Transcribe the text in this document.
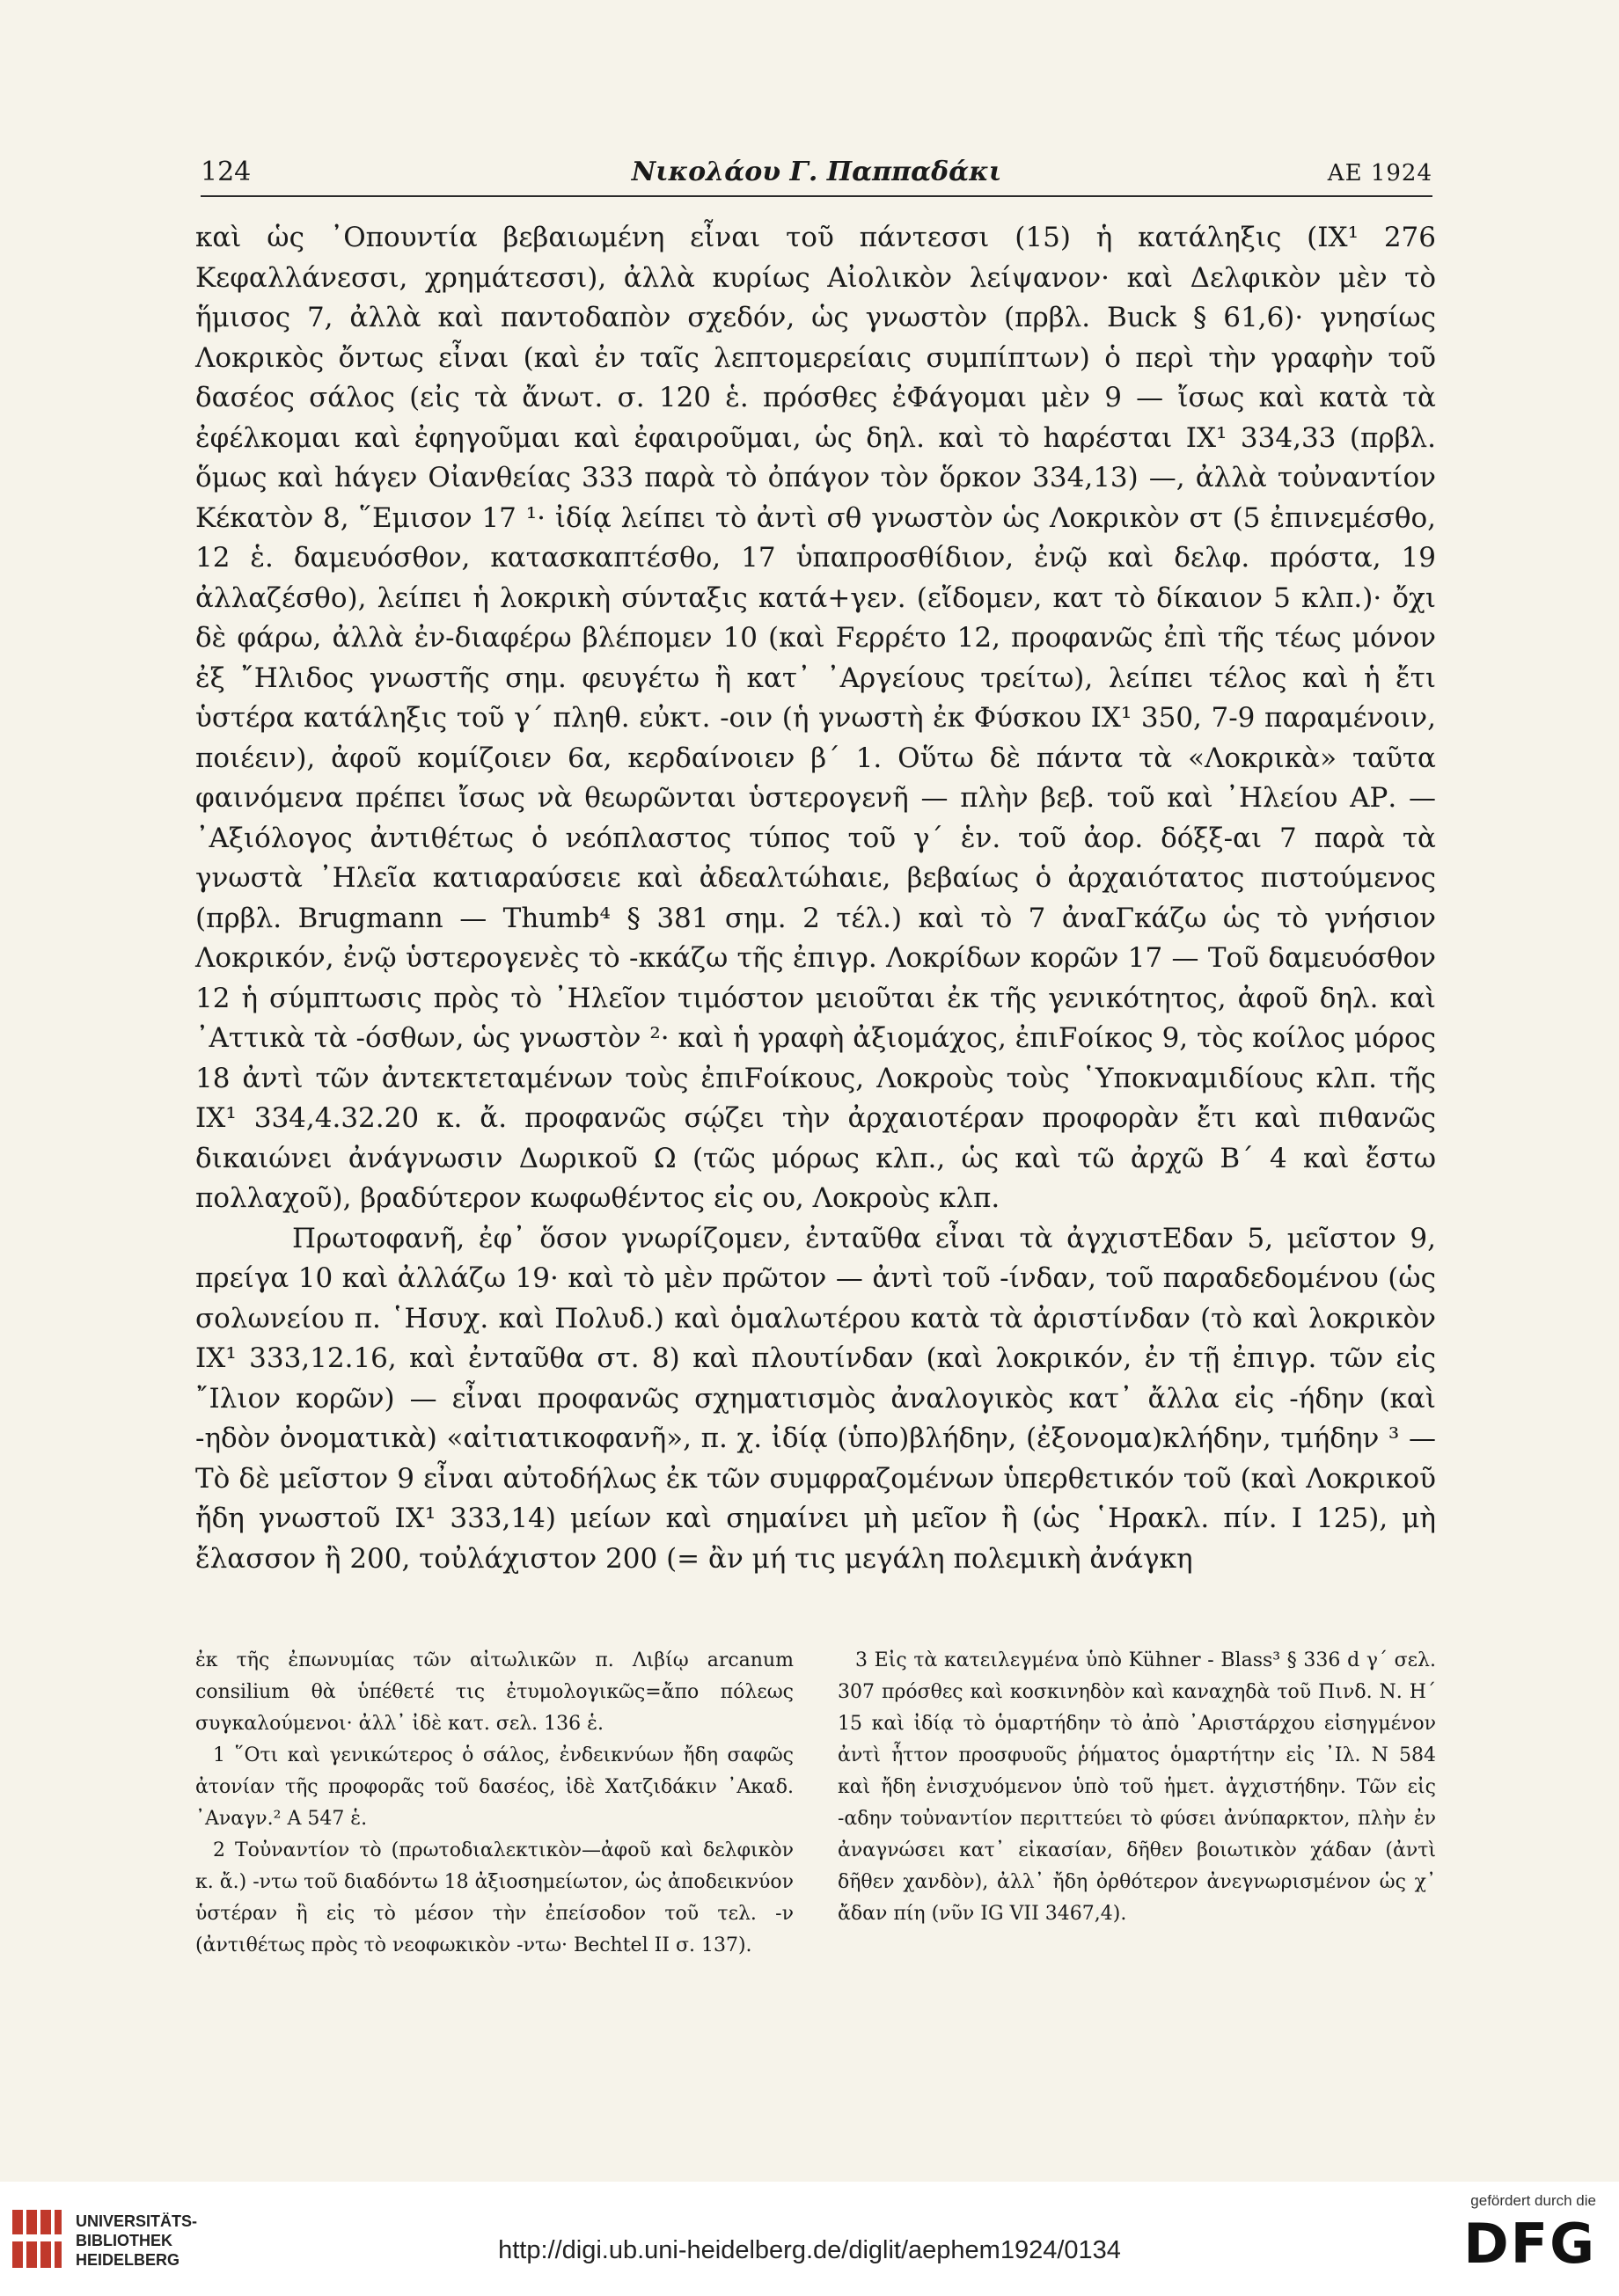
124	Νικολάου Γ. Παππαδάκι	ΑΕ 1924

καὶ ὡς ᾿Οπουντία βεβαιωμένη εἶναι τοῦ πάντεσσι (15) ἡ κατάληξις (IX¹ 276 Κεφαλλάνεσσι, χρημάτεσσι), ἀλλὰ κυρίως Αἰολικὸν λείψανον· καὶ Δελφικὸν μὲν τὸ ἥμισος 7, ἀλλὰ καὶ παντοδαπὸν σχεδόν, ὡς γνωστὸν (πρβλ. Buck § 61,6)· γνησίως Λοκρικὸς ὄντως εἶναι (καὶ ἐν ταῖς λεπτομερείαις συμπίπτων) ὁ περὶ τὴν γραφὴν τοῦ δασέος σάλος (εἰς τὰ ἄνωτ. σ. 120 ἑ. πρόσθες ἐΦάγομαι μὲν 9 — ἴσως καὶ κατὰ τὰ ἐφέλκομαι καὶ ἐφηγοῦμαι καὶ ἐφαιροῦμαι, ὡς δηλ. καὶ τὸ hαρέσται IX¹ 334,33 (πρβλ. ὅμως καὶ hάγεν Οἰανθείας 333 παρὰ τὸ ὀπάγον τὸν ὅρκον 334,13) —, ἀλλὰ τοὐναντίον Κέκατὸν 8, ῞Εμισον 17 ¹· ἰδίᾳ λείπει τὸ ἀντὶ σθ γνωστὸν ὡς Λοκρικὸν στ (5 ἐπινεμέσθο, 12 ἑ. δαμευόσθον, κατασκαπτέσθο, 17 ὑπαπροσθίδιον, ἐνῷ καὶ δελφ. πρόστα, 19 ἀλλαζέσθο), λείπει ἡ λοκρικὴ σύνταξις κατά+γεν. (εἴδομεν, κατ τὸ δίκαιον 5 κλπ.)· ὄχι δὲ φάρω, ἀλλὰ ἐν-διαφέρω βλέπομεν 10 (καὶ Fερρέτο 12, προφανῶς ἐπὶ τῆς τέως μόνον ἐξ ῎Ηλιδος γνωστῆς σημ. φευγέτω ἢ κατ᾿ ᾿Αργείους τρείτω), λείπει τέλος καὶ ἡ ἔτι ὑστέρα κατάληξις τοῦ γ΄ πληθ. εὐκτ. -οιν (ἡ γνωστὴ ἐκ Φύσκου IX¹ 350, 7-9 παραμένοιν, ποιέειν), ἀφοῦ κομίζοιεν 6α, κερδαίνοιεν β΄ 1. Οὕτω δὲ πάντα τὰ «Λοκρικὰ» ταῦτα φαινόμενα πρέπει ἴσως νὰ θεωρῶνται ὑστερογενῆ — πλὴν βεβ. τοῦ καὶ ᾿Ηλείου ΑΡ. — ᾿Αξιόλογος ἀντιθέτως ὁ νεόπλαστος τύπος τοῦ γ΄ ἑν. τοῦ ἀορ. δόξξ-αι 7 παρὰ τὰ γνωστὰ ᾿Ηλεῖα κατιαραύσειε καὶ ἀδεαλτώhαιε, βεβαίως ὁ ἀρχαιότατος πιστούμενος (πρβλ. Brugmann — Thumb⁴ § 381 σημ. 2 τέλ.) καὶ τὸ 7 ἀναΓκάζω ὡς τὸ γνήσιον Λοκρικόν, ἐνῷ ὑστερογενὲς τὸ -κκάζω τῆς ἐπιγρ. Λοκρίδων κορῶν 17 — Τοῦ δαμευόσθον 12 ἡ σύμπτωσις πρὸς τὸ ᾿Ηλεῖον τιμόστον μειοῦται ἐκ τῆς γενικότητος, ἀφοῦ δηλ. καὶ ᾿Αττικὰ τὰ -όσθων, ὡς γνωστὸν ²· καὶ ἡ γραφὴ ἀξιομάχος, ἐπιFοίκος 9, τὸς κοίλος μόρος 18 ἀντὶ τῶν ἀντεκτεταμένων τοὺς ἐπιFοίκους, Λοκροὺς τοὺς ῾Υποκναμιδίους κλπ. τῆς IX¹ 334,4.32.20 κ. ἄ. προφανῶς σῴζει τὴν ἀρχαιοτέραν προφορὰν ἔτι καὶ πιθανῶς δικαιώνει ἀνάγνωσιν Δωρικοῦ Ω (τῶς μόρως κλπ., ὡς καὶ τῶ ἀρχῶ Β΄ 4 καὶ ἔστω πολλαχοῦ), βραδύτερον κωφωθέντος εἰς ου, Λοκροὺς κλπ.

Πρωτοφανῆ, ἐφ᾿ ὅσον γνωρίζομεν, ἐνταῦθα εἶναι τὰ ἀγχιστΕδαν 5, μεῖστον 9, πρείγα 10 καὶ ἀλλάζω 19· καὶ τὸ μὲν πρῶτον — ἀντὶ τοῦ -ίνδαν, τοῦ παραδεδομένου (ὡς σολωνείου π. ῾Ησυχ. καὶ Πολυδ.) καὶ ὁμαλωτέρου κατὰ τὰ ἀριστίνδαν (τὸ καὶ λοκρικὸν IX¹ 333,12.16, καὶ ἐνταῦθα στ. 8) καὶ πλουτίνδαν (καὶ λοκρικόν, ἐν τῇ ἐπιγρ. τῶν εἰς ῎Ιλιον κορῶν) — εἶναι προφανῶς σχηματισμὸς ἀναλογικὸς κατ᾿ ἄλλα εἰς -ήδην (καὶ -ηδὸν ὀνοματικὰ) «αἰτιατικοφανῆ», π. χ. ἰδίᾳ (ὑπο)βλήδην, (ἐξονομα)κλήδην, τμήδην ³ — Τὸ δὲ μεῖστον 9 εἶναι αὐτοδήλως ἐκ τῶν συμφραζομένων ὑπερθετικόν τοῦ (καὶ Λοκρικοῦ ἤδη γνωστοῦ IX¹ 333,14) μείων καὶ σημαίνει μὴ μεῖον ἢ (ὡς ῾Ηρακλ. πίν. I 125), μὴ ἔλασσον ἢ 200, τοὐλάχιστον 200 (= ἂν μή τις μεγάλη πολεμικὴ ἀνάγκη

ἐκ τῆς ἐπωνυμίας τῶν αἰτωλικῶν π. Λιβίῳ arcanum consilium θὰ ὑπέθετέ τις ἐτυμολογικῶς=ἄπο πόλεως συγκαλούμενοι· ἀλλ᾿ ἰδὲ κατ. σελ. 136 ἑ.

1 ῞Οτι καὶ γενικώτερος ὁ σάλος, ἐνδεικνύων ἤδη σαφῶς ἀτονίαν τῆς προφορᾶς τοῦ δασέος, ἰδὲ Χατζιδάκιν ᾿Ακαδ. ᾿Αναγν.² Α 547 ἑ.

2 Τοὐναντίον τὸ (πρωτοδιαλεκτικὸν—ἀφοῦ καὶ δελφικὸν κ. ἄ.) -ντω τοῦ διαδόντω 18 ἀξιοσημείωτον, ὡς ἀποδεικνύον ὑστέραν ἢ εἰς τὸ μέσον τὴν ἐπείσοδον τοῦ τελ. -ν (ἀντιθέτως πρὸς τὸ νεοφωκικὸν -ντω· Bechtel II σ. 137).

3 Εἰς τὰ κατειλεγμένα ὑπὸ Kühner - Blass³ § 336 d γ΄ σελ. 307 πρόσθες καὶ κοσκινηδὸν καὶ καναχηδὰ τοῦ Πινδ. Ν. Η΄ 15 καὶ ἰδίᾳ τὸ ὁμαρτήδην τὸ ἀπὸ ᾿Αριστάρχου εἰσηγμένον ἀντὶ ἧττον προσφυοῦς ῥήματος ὁμαρτήτην εἰς ᾿Ιλ. Ν 584 καὶ ἤδη ἐνισχυόμενον ὑπὸ τοῦ ἡμετ. ἀγχιστήδην. Τῶν εἰς -αδην τοὐναντίον περιττεύει τὸ φύσει ἀνύπαρκτον, πλὴν ἐν ἀναγνώσει κατ᾿ εἰκασίαν, δῆθεν βοιωτικὸν χάδαν (ἀντὶ δῆθεν χανδὸν), ἀλλ᾿ ἤδη ὀρθότερον ἀνεγνωρισμένον ὡς χ᾿ ἄδαν πίη (νῦν IG VII 3467,4).

UNIVERSITÄTS-
BIBLIOTHEK
HEIDELBERG	http://digi.ub.uni-heidelberg.de/diglit/aephem1924/0134
gefördert durch die
DFG
